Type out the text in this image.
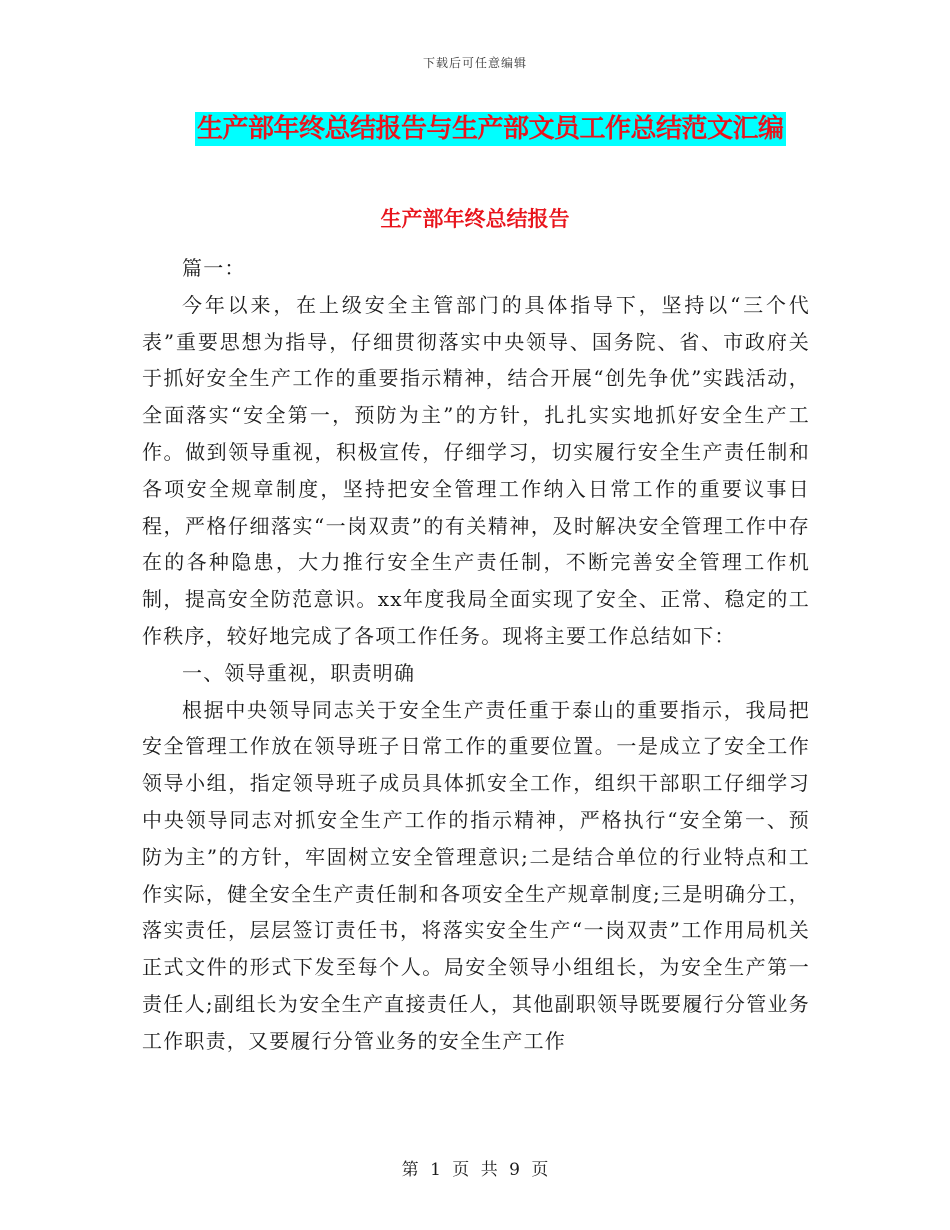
下载后可任意编辑
生产部年终总结报告与生产部文员工作总结范文汇编
生产部年终总结报告

篇一：

今年以来，在上级安全主管部门的具体指导下，坚持以“三个代表”重要思想为指导，仔细贯彻落实中央领导、国务院、省、市政府关于抓好安全生产工作的重要指示精神，结合开展“创先争优”实践活动，全面落实“安全第一，预防为主”的方针，扎扎实实地抓好安全生产工作。做到领导重视，积极宣传，仔细学习，切实履行安全生产责任制和各项安全规章制度，坚持把安全管理工作纳入日常工作的重要议事日程，严格仔细落实“一岗双责”的有关精神，及时解决安全管理工作中存在的各种隐患，大力推行安全生产责任制，不断完善安全管理工作机制，提高安全防范意识。xx年度我局全面实现了安全、正常、稳定的工作秩序，较好地完成了各项工作任务。现将主要工作总结如下：

一、领导重视，职责明确

根据中央领导同志关于安全生产责任重于泰山的重要指示，我局把安全管理工作放在领导班子日常工作的重要位置。一是成立了安全工作领导小组，指定领导班子成员具体抓安全工作，组织干部职工仔细学习中央领导同志对抓安全生产工作的指示精神，严格执行“安全第一、预防为主”的方针，牢固树立安全管理意识;二是结合单位的行业特点和工作实际，健全安全生产责任制和各项安全生产规章制度;三是明确分工，落实责任，层层签订责任书，将落实安全生产“一岗双责”工作用局机关正式文件的形式下发至每个人。局安全领导小组组长，为安全生产第一责任人;副组长为安全生产直接责任人，其他副职领导既要履行分管业务工作职责，又要履行分管业务的安全生产工作

第 1 页 共 9 页
